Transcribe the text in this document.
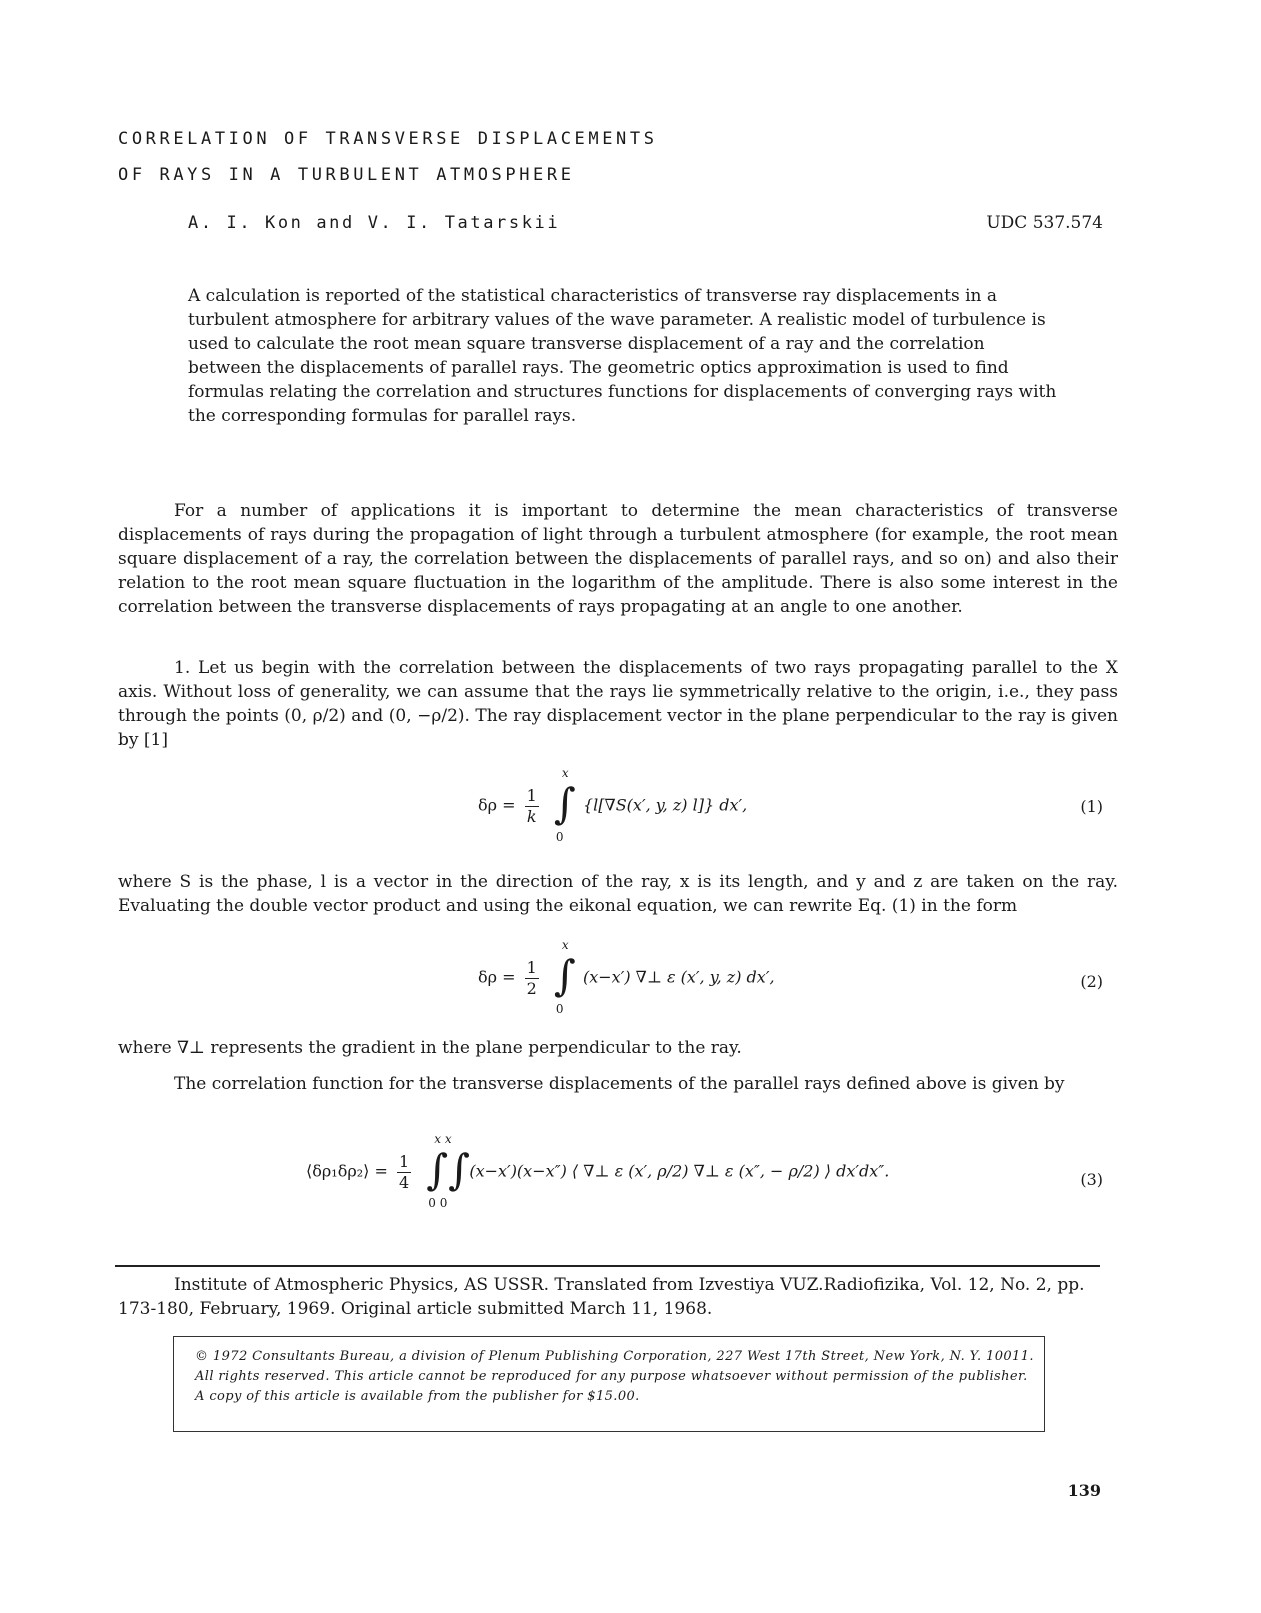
CORRELATION OF TRANSVERSE DISPLACEMENTS
OF RAYS IN A TURBULENT ATMOSPHERE
A. I. Kon and V. I. Tatarskii	UDC 537.574
A calculation is reported of the statistical characteristics of transverse ray displacements in a turbulent atmosphere for arbitrary values of the wave parameter. A realistic model of turbulence is used to calculate the root mean square transverse displacement of a ray and the correlation between the displacements of parallel rays. The geometric optics approximation is used to find formulas relating the correlation and structures functions for displacements of converging rays with the corresponding formulas for parallel rays.
For a number of applications it is important to determine the mean characteristics of transverse displacements of rays during the propagation of light through a turbulent atmosphere (for example, the root mean square displacement of a ray, the correlation between the displacements of parallel rays, and so on) and also their relation to the root mean square fluctuation in the logarithm of the amplitude. There is also some interest in the correlation between the transverse displacements of rays propagating at an angle to one another.
1. Let us begin with the correlation between the displacements of two rays propagating parallel to the X axis. Without loss of generality, we can assume that the rays lie symmetrically relative to the origin, i.e., they pass through the points (0, ρ/2) and (0, −ρ/2). The ray displacement vector in the plane perpendicular to the ray is given by [1]
$\delta\rho = \frac{1}{k}$

x
∫
0
{l[∇S(x′, y, z) l]} dx′,	(1)
where S is the phase, l is a vector in the direction of the ray, x is its length, and y and z are taken on the ray. Evaluating the double vector product and using the eikonal equation, we can rewrite Eq. (1) in the form
$\delta\rho = \frac{1}{2}$

x
∫
0
(x−x′) ∇⊥ ε (x′, y, z) dx′,	(2)
where ∇⊥ represents the gradient in the plane perpendicular to the ray.
The correlation function for the transverse displacements of the parallel rays defined above is given by
⟨δρ₁δρ₂⟩ = $\frac{1}{4}$

x x
∫∫
0 0
(x−x′)(x−x″) ⟨ ∇⊥ ε (x′, ρ/2) ∇⊥ ε (x″, − ρ/2) ⟩ dx′dx″.	(3)
Institute of Atmospheric Physics, AS USSR. Translated from Izvestiya VUZ.Radiofizika, Vol. 12, No. 2, pp. 173-180, February, 1969. Original article submitted March 11, 1968.
© 1972 Consultants Bureau, a division of Plenum Publishing Corporation, 227 West 17th Street, New York, N. Y. 10011. All rights reserved. This article cannot be reproduced for any purpose whatsoever without permission of the publisher. A copy of this article is available from the publisher for $15.00.
139
